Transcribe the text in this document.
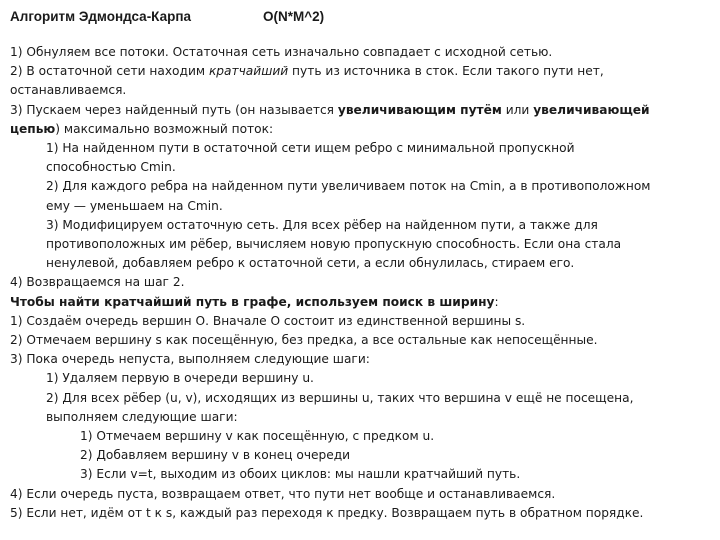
Алгоритм Эдмондса-Карпа	O(N*M^2)
1) Обнуляем все потоки. Остаточная сеть изначально совпадает с исходной сетью.
2) В остаточной сети находим кратчайший путь из источника в сток. Если такого пути нет,
останавливаемся.
3) Пускаем через найденный путь (он называется увеличивающим путём или увеличивающей
цепью) максимально возможный поток:
1) На найденном пути в остаточной сети ищем ребро с минимальной пропускной
способностью Cmin.
2) Для каждого ребра на найденном пути увеличиваем поток на Cmin, а в противоположном
ему — уменьшаем на Cmin.
3) Модифицируем остаточную сеть. Для всех рёбер на найденном пути, а также для
противоположных им рёбер, вычисляем новую пропускную способность. Если она стала
ненулевой, добавляем ребро к остаточной сети, а если обнулилась, стираем его.
4) Возвращаемся на шаг 2.
Чтобы найти кратчайший путь в графе, используем поиск в ширину:
1) Создаём очередь вершин О. Вначале О состоит из единственной вершины s.
2) Отмечаем вершину s как посещённую, без предка, а все остальные как непосещённые.
3) Пока очередь непуста, выполняем следующие шаги:
1) Удаляем первую в очереди вершину u.
2) Для всех рёбер (u, v), исходящих из вершины u, таких что вершина v ещё не посещена,
выполняем следующие шаги:
1) Отмечаем вершину v как посещённую, с предком u.
2) Добавляем вершину v в конец очереди
3) Если v=t, выходим из обоих циклов: мы нашли кратчайший путь.
4) Если очередь пуста, возвращаем ответ, что пути нет вообще и останавливаемся.
5) Если нет, идём от t к s, каждый раз переходя к предку. Возвращаем путь в обратном порядке.
